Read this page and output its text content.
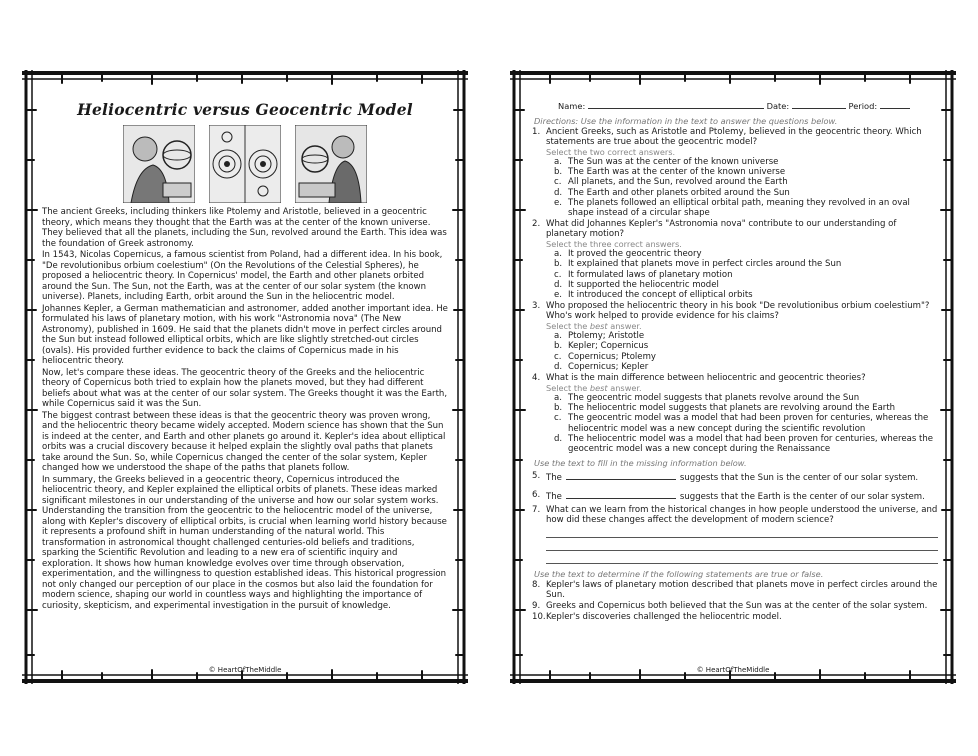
Heliocentric versus Geocentric Model

The ancient Greeks, including thinkers like Ptolemy and Aristotle, believed in a geocentric theory, which means they thought that the Earth was at the center of the known universe. They believed that all the planets, including the Sun, revolved around the Earth. This idea was the foundation of Greek astronomy.

In 1543, Nicolas Copernicus, a famous scientist from Poland, had a different idea. In his book, "De revolutionibus orbium coelestium" (On the Revolutions of the Celestial Spheres), he proposed a heliocentric theory. In Copernicus' model, the Earth and other planets orbited around the Sun. The Sun, not the Earth, was at the center of our solar system (the known universe). Planets, including Earth, orbit around the Sun in the heliocentric model.

Johannes Kepler, a German mathematician and astronomer, added another important idea. He formulated his laws of planetary motion, with his work "Astronomia nova" (The New Astronomy), published in 1609. He said that the planets didn't move in perfect circles around the Sun but instead followed elliptical orbits, which are like slightly stretched-out circles (ovals). His provided further evidence to back the claims of Copernicus made in his heliocentric theory.

Now, let's compare these ideas. The geocentric theory of the Greeks and the heliocentric theory of Copernicus both tried to explain how the planets moved, but they had different beliefs about what was at the center of our solar system. The Greeks thought it was the Earth, while Copernicus said it was the Sun.

The biggest contrast between these ideas is that the geocentric theory was proven wrong, and the heliocentric theory became widely accepted. Modern science has shown that the Sun is indeed at the center, and Earth and other planets go around it. Kepler's idea about elliptical orbits was a crucial discovery because it helped explain the slightly oval paths that planets take around the Sun. So, while Copernicus changed the center of the solar system, Kepler changed how we understood the shape of the paths that planets follow.

In summary, the Greeks believed in a geocentric theory, Copernicus introduced the heliocentric theory, and Kepler explained the elliptical orbits of planets. These ideas marked significant milestones in our understanding of the universe and how our solar system works. Understanding the transition from the geocentric to the heliocentric model of the universe, along with Kepler's discovery of elliptical orbits, is crucial when learning world history because it represents a profound shift in human understanding of the natural world. This transformation in astronomical thought challenged centuries-old beliefs and traditions, sparking the Scientific Revolution and leading to a new era of scientific inquiry and exploration. It shows how human knowledge evolves over time through observation, experimentation, and the willingness to question established ideas. This historical progression not only changed our perception of our place in the cosmos but also laid the foundation for modern science, shaping our world in countless ways and highlighting the importance of curiosity, skepticism, and experimental investigation in the pursuit of knowledge.

© HeartOfTheMiddle
Name:	Date:	Period:
Directions: Use the information in the text to answer the questions below.
1. Ancient Greeks, such as Aristotle and Ptolemy, believed in the geocentric theory. Which statements are true about the geocentric model?
Select the two correct answers.
a. The Sun was at the center of the known universe
b. The Earth was at the center of the known universe
c. All planets, and the Sun, revolved around the Earth
d. The Earth and other planets orbited around the Sun
e. The planets followed an elliptical orbital path, meaning they revolved in an oval shape instead of a circular shape
2. What did Johannes Kepler's "Astronomia nova" contribute to our understanding of planetary motion?
Select the three correct answers.
a. It proved the geocentric theory
b. It explained that planets move in perfect circles around the Sun
c. It formulated laws of planetary motion
d. It supported the heliocentric model
e. It introduced the concept of elliptical orbits
3. Who proposed the heliocentric theory in his book "De revolutionibus orbium coelestium"? Who's work helped to provide evidence for his claims?
Select the best answer.
a. Ptolemy; Aristotle
b. Kepler; Copernicus
c. Copernicus; Ptolemy
d. Copernicus; Kepler
4. What is the main difference between heliocentric and geocentric theories?
Select the best answer.
a. The geocentric model suggests that planets revolve around the Sun
b. The heliocentric model suggests that planets are revolving around the Earth
c. The geocentric model was a model that had been proven for centuries, whereas the heliocentric model was a new concept during the scientific revolution
d. The heliocentric model was a model that had been proven for centuries, whereas the geocentric model was a new concept during the Renaissance
Use the text to fill in the missing information below.
5. The	suggests that the Sun is the center of our solar system.
6. The	suggests that the Earth is the center of our solar system.
7. What can we learn from the historical changes in how people understood the universe, and how did these changes affect the development of modern science?
Use the text to determine if the following statements are true or false.
8. Kepler's laws of planetary motion described that planets move in perfect circles around the Sun.
9. Greeks and Copernicus both believed that the Sun was at the center of the solar system.
10. Kepler's discoveries challenged the heliocentric model.
© HeartOfTheMiddle
